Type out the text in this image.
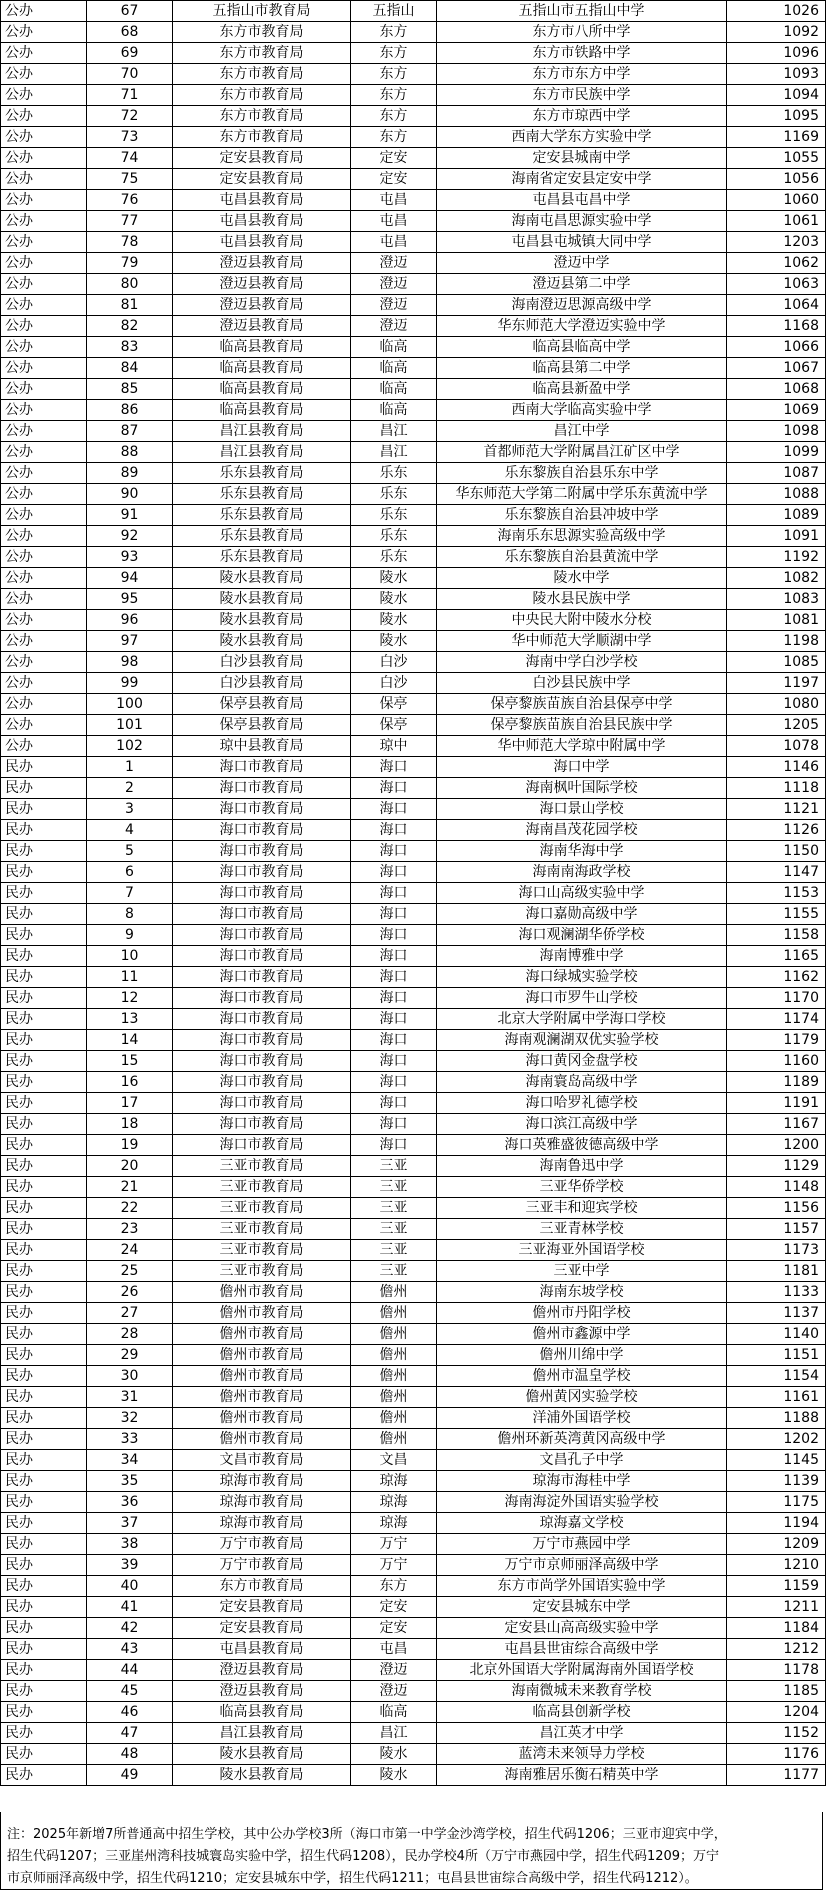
公办	67	五指山市教育局	五指山	五指山市五指山中学	1026
公办	68	东方市教育局	东方	东方市八所中学	1092
公办	69	东方市教育局	东方	东方市铁路中学	1096
公办	70	东方市教育局	东方	东方市东方中学	1093
公办	71	东方市教育局	东方	东方市民族中学	1094
公办	72	东方市教育局	东方	东方市琼西中学	1095
公办	73	东方市教育局	东方	西南大学东方实验中学	1169
公办	74	定安县教育局	定安	定安县城南中学	1055
公办	75	定安县教育局	定安	海南省定安县定安中学	1056
公办	76	屯昌县教育局	屯昌	屯昌县屯昌中学	1060
公办	77	屯昌县教育局	屯昌	海南屯昌思源实验中学	1061
公办	78	屯昌县教育局	屯昌	屯昌县屯城镇大同中学	1203
公办	79	澄迈县教育局	澄迈	澄迈中学	1062
公办	80	澄迈县教育局	澄迈	澄迈县第二中学	1063
公办	81	澄迈县教育局	澄迈	海南澄迈思源高级中学	1064
公办	82	澄迈县教育局	澄迈	华东师范大学澄迈实验中学	1168
公办	83	临高县教育局	临高	临高县临高中学	1066
公办	84	临高县教育局	临高	临高县第二中学	1067
公办	85	临高县教育局	临高	临高县新盈中学	1068
公办	86	临高县教育局	临高	西南大学临高实验中学	1069
公办	87	昌江县教育局	昌江	昌江中学	1098
公办	88	昌江县教育局	昌江	首都师范大学附属昌江矿区中学	1099
公办	89	乐东县教育局	乐东	乐东黎族自治县乐东中学	1087
公办	90	乐东县教育局	乐东	华东师范大学第二附属中学乐东黄流中学	1088
公办	91	乐东县教育局	乐东	乐东黎族自治县冲坡中学	1089
公办	92	乐东县教育局	乐东	海南乐东思源实验高级中学	1091
公办	93	乐东县教育局	乐东	乐东黎族自治县黄流中学	1192
公办	94	陵水县教育局	陵水	陵水中学	1082
公办	95	陵水县教育局	陵水	陵水县民族中学	1083
公办	96	陵水县教育局	陵水	中央民大附中陵水分校	1081
公办	97	陵水县教育局	陵水	华中师范大学顺湖中学	1198
公办	98	白沙县教育局	白沙	海南中学白沙学校	1085
公办	99	白沙县教育局	白沙	白沙县民族中学	1197
公办	100	保亭县教育局	保亭	保亭黎族苗族自治县保亭中学	1080
公办	101	保亭县教育局	保亭	保亭黎族苗族自治县民族中学	1205
公办	102	琼中县教育局	琼中	华中师范大学琼中附属中学	1078
民办	1	海口市教育局	海口	海口中学	1146
民办	2	海口市教育局	海口	海南枫叶国际学校	1118
民办	3	海口市教育局	海口	海口景山学校	1121
民办	4	海口市教育局	海口	海南昌茂花园学校	1126
民办	5	海口市教育局	海口	海南华海中学	1150
民办	6	海口市教育局	海口	海南南海政学校	1147
民办	7	海口市教育局	海口	海口山高级实验中学	1153
民办	8	海口市教育局	海口	海口嘉勋高级中学	1155
民办	9	海口市教育局	海口	海口观澜湖华侨学校	1158
民办	10	海口市教育局	海口	海南博雅中学	1165
民办	11	海口市教育局	海口	海口绿城实验学校	1162
民办	12	海口市教育局	海口	海口市罗牛山学校	1170
民办	13	海口市教育局	海口	北京大学附属中学海口学校	1174
民办	14	海口市教育局	海口	海南观澜湖双优实验学校	1179
民办	15	海口市教育局	海口	海口黄冈金盘学校	1160
民办	16	海口市教育局	海口	海南寰岛高级中学	1189
民办	17	海口市教育局	海口	海口哈罗礼德学校	1191
民办	18	海口市教育局	海口	海口滨江高级中学	1167
民办	19	海口市教育局	海口	海口英雅盛彼德高级中学	1200
民办	20	三亚市教育局	三亚	海南鲁迅中学	1129
民办	21	三亚市教育局	三亚	三亚华侨学校	1148
民办	22	三亚市教育局	三亚	三亚丰和迎宾学校	1156
民办	23	三亚市教育局	三亚	三亚青林学校	1157
民办	24	三亚市教育局	三亚	三亚海亚外国语学校	1173
民办	25	三亚市教育局	三亚	三亚中学	1181
民办	26	儋州市教育局	儋州	海南东坡学校	1133
民办	27	儋州市教育局	儋州	儋州市丹阳学校	1137
民办	28	儋州市教育局	儋州	儋州市鑫源中学	1140
民办	29	儋州市教育局	儋州	儋州川绵中学	1151
民办	30	儋州市教育局	儋州	儋州市温皇学校	1154
民办	31	儋州市教育局	儋州	儋州黄冈实验学校	1161
民办	32	儋州市教育局	儋州	洋浦外国语学校	1188
民办	33	儋州市教育局	儋州	儋州环新英湾黄冈高级中学	1202
民办	34	文昌市教育局	文昌	文昌孔子中学	1145
民办	35	琼海市教育局	琼海	琼海市海桂中学	1139
民办	36	琼海市教育局	琼海	海南海淀外国语实验学校	1175
民办	37	琼海市教育局	琼海	琼海嘉文学校	1194
民办	38	万宁市教育局	万宁	万宁市燕园中学	1209
民办	39	万宁市教育局	万宁	万宁市京师丽泽高级中学	1210
民办	40	东方市教育局	东方	东方市尚学外国语实验中学	1159
民办	41	定安县教育局	定安	定安县城东中学	1211
民办	42	定安县教育局	定安	定安县山高高级实验中学	1184
民办	43	屯昌县教育局	屯昌	屯昌县世宙综合高级中学	1212
民办	44	澄迈县教育局	澄迈	北京外国语大学附属海南外国语学校	1178
民办	45	澄迈县教育局	澄迈	海南微城未来教育学校	1185
民办	46	临高县教育局	临高	临高县创新学校	1204
民办	47	昌江县教育局	昌江	昌江英才中学	1152
民办	48	陵水县教育局	陵水	蓝湾未来领导力学校	1176
民办	49	陵水县教育局	陵水	海南雅居乐衡石精英中学	1177
注：2025年新增7所普通高中招生学校，其中公办学校3所（海口市第一中学金沙湾学校，招生代码1206；三亚市迎宾中学，
招生代码1207；三亚崖州湾科技城寰岛实验中学，招生代码1208），民办学校4所（万宁市燕园中学，招生代码1209；万宁
市京师丽泽高级中学，招生代码1210；定安县城东中学，招生代码1211；屯昌县世宙综合高级中学，招生代码1212）。
